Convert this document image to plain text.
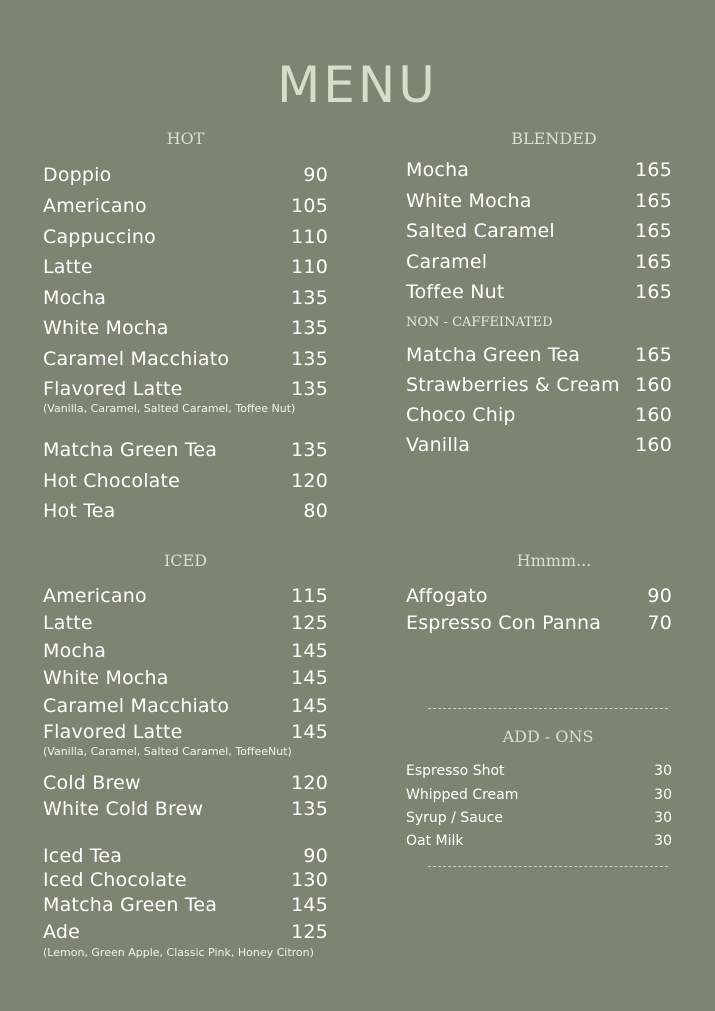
MENU
HOT
Doppio	90
Americano	105
Cappuccino	110
Latte	110
Mocha	135
White Mocha	135
Caramel Macchiato	135
Flavored Latte	135
(Vanilla, Caramel, Salted Caramel, Toffee Nut)
Matcha Green Tea	135
Hot Chocolate	120
Hot Tea	80
ICED
Americano	115
Latte	125
Mocha	145
White Mocha	145
Caramel Macchiato	145
Flavored Latte	145
(Vanilla, Caramel, Salted Caramel, ToffeeNut)
Cold Brew	120
White Cold Brew	135
Iced Tea	90
Iced Chocolate	130
Matcha Green Tea	145
Ade	125
(Lemon, Green Apple, Classic Pink, Honey Citron)
BLENDED
Mocha	165
White Mocha	165
Salted Caramel	165
Caramel	165
Toffee Nut	165
NON - CAFFEINATED
Matcha Green Tea	165
Strawberries & Cream 160
Choco Chip	160
Vanilla	160
Hmmm...
Affogato	90
Espresso Con Panna 70
ADD - ONS
Espresso Shot	30
Whipped Cream	30
Syrup / Sauce	30
Oat Milk	30
